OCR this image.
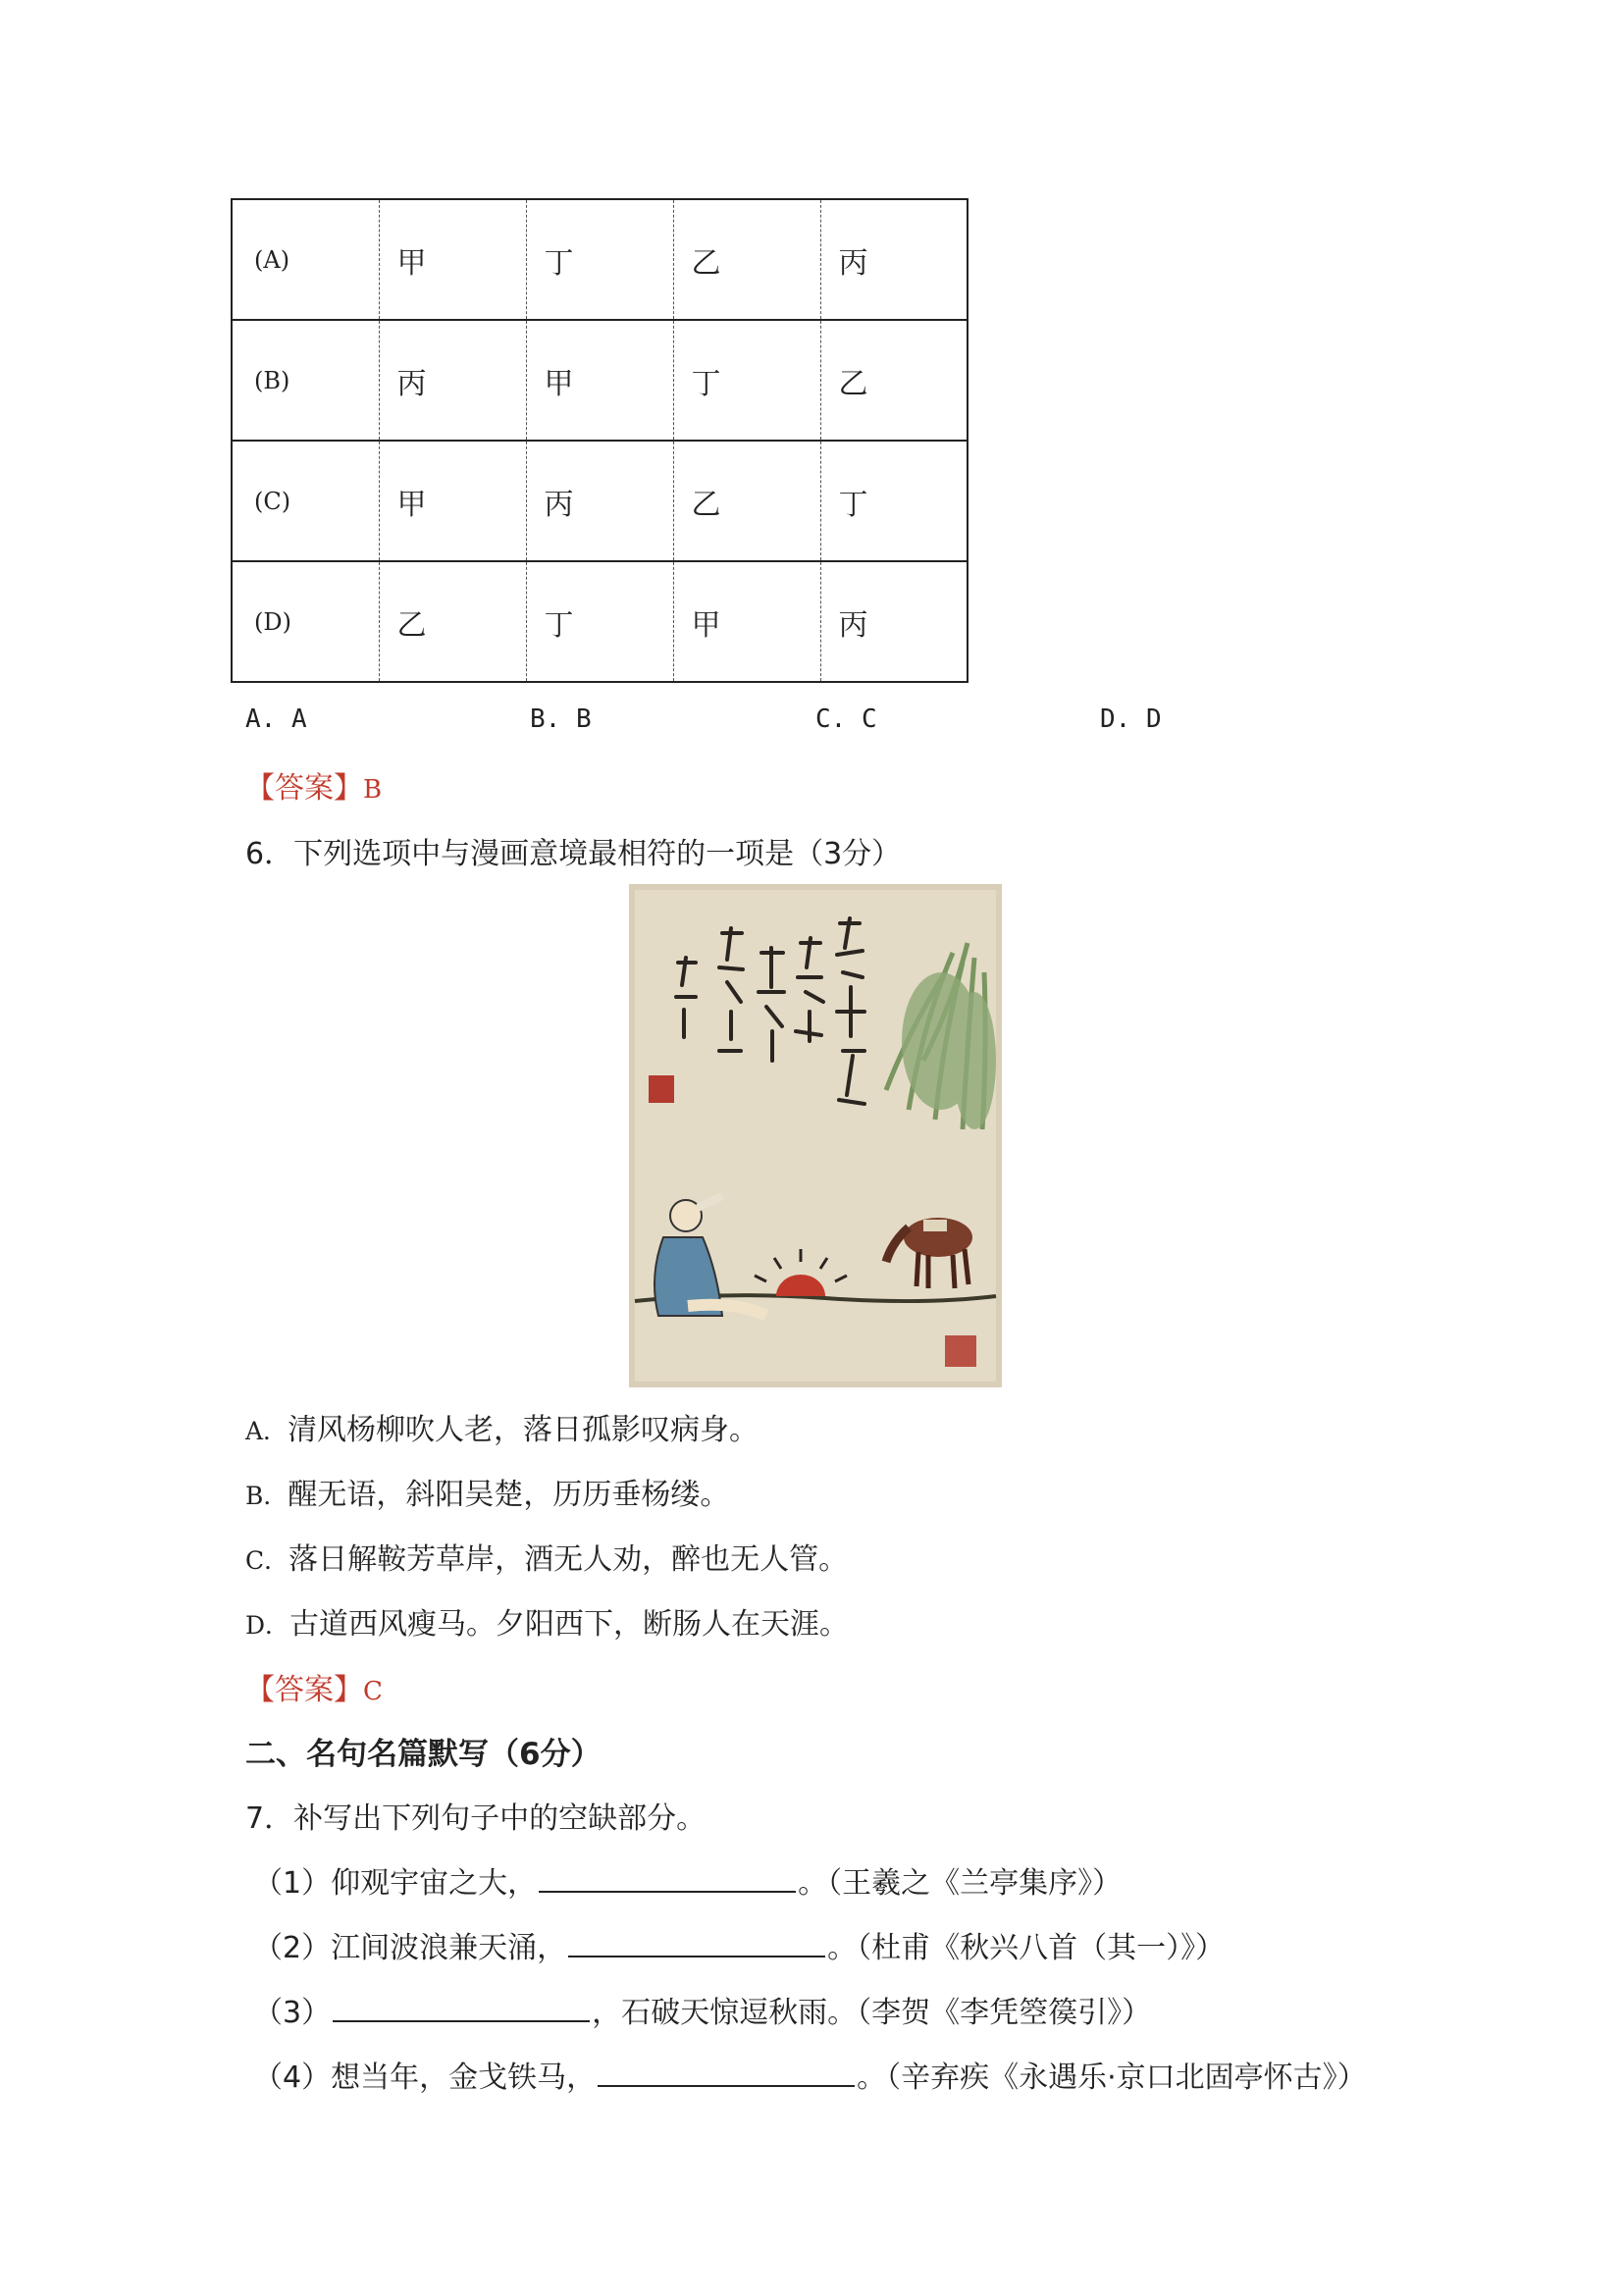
(A)	甲	丁	乙	丙
(B)	丙	甲	丁	乙
(C)	甲	丙	乙	丁
(D)	乙	丁	甲	丙
A. A	B. B	C. C	D. D
【答案】B
6．下列选项中与漫画意境最相符的一项是（3分）
A．清风杨柳吹人老，落日孤影叹病身。
B．醒无语，斜阳吴楚，历历垂杨缕。
C．落日解鞍芳草岸，酒无人劝，醉也无人管。
D．古道西风瘦马。夕阳西下，断肠人在天涯。
【答案】C
二、名句名篇默写（6分）
7．补写出下列句子中的空缺部分。
（1）仰观宇宙之大，	。（王羲之《兰亭集序》）
（2）江间波浪兼天涌，	。（杜甫《秋兴八首（其一）》）
（3）	，石破天惊逗秋雨。（李贺《李凭箜篌引》）
（4）想当年，金戈铁马，	。（辛弃疾《永遇乐·京口北固亭怀古》）
